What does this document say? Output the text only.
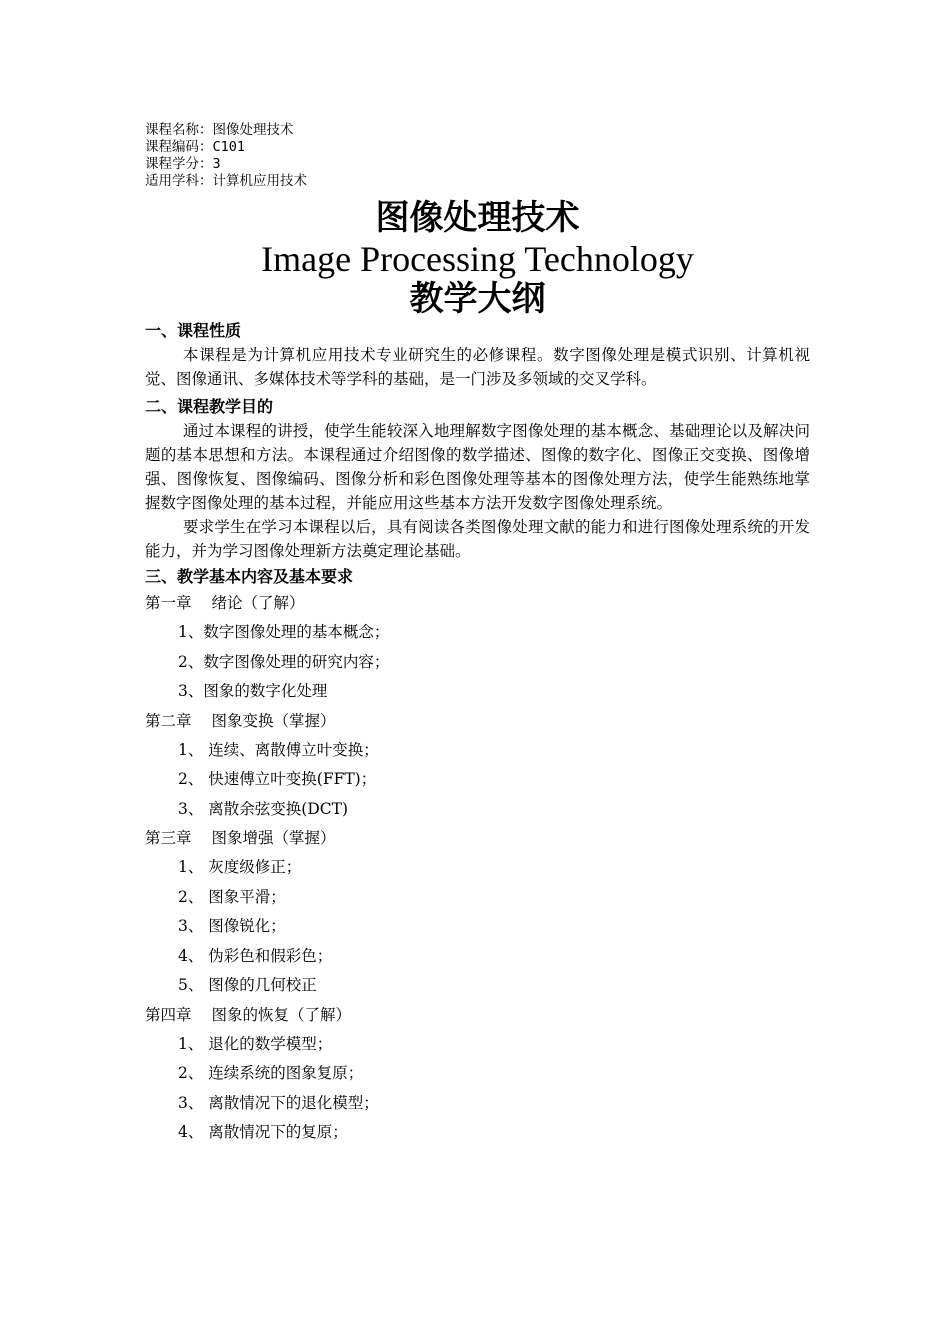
课程名称：图像处理技术
课程编码：C101
课程学分：3
适用学科：计算机应用技术
图像处理技术
Image Processing Technology
教学大纲
一、课程性质

本课程是为计算机应用技术专业研究生的必修课程。数字图像处理是模式识别、计算机视觉、图像通讯、多媒体技术等学科的基础，是一门涉及多领域的交叉学科。

二、课程教学目的

通过本课程的讲授，使学生能较深入地理解数字图像处理的基本概念、基础理论以及解决问题的基本思想和方法。本课程通过介绍图像的数学描述、图像的数字化、图像正交变换、图像增强、图像恢复、图像编码、图像分析和彩色图像处理等基本的图像处理方法，使学生能熟练地掌握数字图像处理的基本过程，并能应用这些基本方法开发数字图像处理系统。

要求学生在学习本课程以后，具有阅读各类图像处理文献的能力和进行图像处理系统的开发能力，并为学习图像处理新方法奠定理论基础。

三、教学基本内容及基本要求
第一章 绪论（了解）
1、数字图像处理的基本概念；
2、数字图像处理的研究内容；
3、图象的数字化处理
第二章 图象变换（掌握）
1、 连续、离散傅立叶变换；
2、 快速傅立叶变换(FFT)；
3、 离散余弦变换(DCT)
第三章 图象增强（掌握）
1、 灰度级修正；
2、 图象平滑；
3、 图像锐化；
4、 伪彩色和假彩色；
5、 图像的几何校正
第四章 图象的恢复（了解）
1、 退化的数学模型；
2、 连续系统的图象复原；
3、 离散情况下的退化模型；
4、 离散情况下的复原；
